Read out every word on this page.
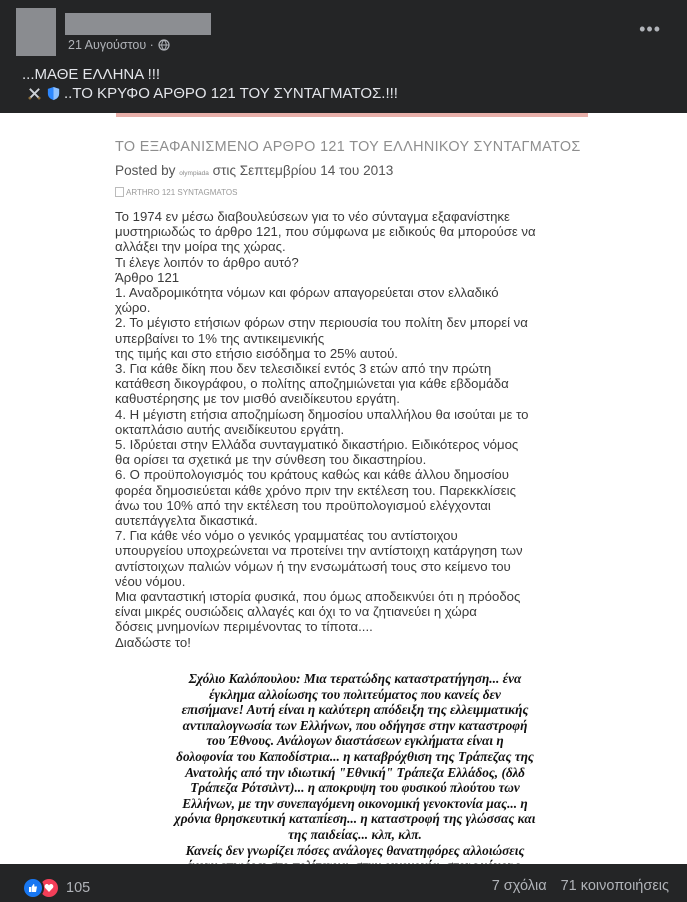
21 Αυγούστου ·
•••
...ΜΑΘΕ ΕΛΛΗΝΑ !!!
..ΤΟ ΚΡΥΦΟ ΑΡΘΡΟ 121 ΤΟΥ ΣΥΝΤΑΓΜΑΤΟΣ.!!!
ΤΟ ΕΞΑΦΑΝΙΣΜΕΝΟ ΑΡΘΡΟ 121 ΤΟΥ ΕΛΛΗΝΙΚΟΥ ΣΥΝΤΑΓΜΑΤΟΣ
Posted by olympiada στις Σεπτεμβρίου 14 του 2013
ARTHRO 121 SYNTAGMATOS
Το 1974 εν μέσω διαβουλεύσεων για το νέο σύνταγμα εξαφανίστηκε
μυστηριωδώς το άρθρο 121, που σύμφωνα με ειδικούς θα μπορούσε να
αλλάξει την μοίρα της χώρας.
Τι έλεγε λοιπόν το άρθρο αυτό?
Άρθρο 121
1. Αναδρομικότητα νόμων και φόρων απαγορεύεται στον ελλαδικό
χώρο.
2. Το μέγιστο ετήσιων φόρων στην περιουσία του πολίτη δεν μπορεί να
υπερβαίνει το 1% της αντικειμενικής
της τιμής και στο ετήσιο εισόδημα το 25% αυτού.
3. Για κάθε δίκη που δεν τελεσιδικεί εντός 3 ετών από την πρώτη
κατάθεση δικογράφου, ο πολίτης αποζημιώνεται για κάθε εβδομάδα
καθυστέρησης με τον μισθό ανειδίκευτου εργάτη.
4. Η μέγιστη ετήσια αποζημίωση δημοσίου υπαλλήλου θα ισούται με το
οκταπλάσιο αυτής ανειδίκευτου εργάτη.
5. Ιδρύεται στην Ελλάδα συνταγματικό δικαστήριο. Ειδικότερος νόμος
θα ορίσει τα σχετικά με την σύνθεση του δικαστηρίου.
6. Ο προϋπολογισμός του κράτους καθώς και κάθε άλλου δημοσίου
φορέα δημοσιεύεται κάθε χρόνο πριν την εκτέλεση του. Παρεκκλίσεις
άνω του 10% από την εκτέλεση του προϋπολογισμού ελέγχονται
αυτεπάγγελτα δικαστικά.
7. Για κάθε νέο νόμο ο γενικός γραμματέας του αντίστοιχου
υπουργείου υποχρεώνεται να προτείνει την αντίστοιχη κατάργηση των
αντίστοιχων παλιών νόμων ή την ενσωμάτωσή τους στο κείμενο του
νέου νόμου.
Μια φανταστική ιστορία φυσικά, που όμως αποδεικνύει ότι η πρόοδος
είναι μικρές ουσιώδεις αλλαγές και όχι το να ζητιανεύει η χώρα
δόσεις μνημονίων περιμένοντας το τίποτα....
Διαδώστε το!
Σχόλιο Καλόπουλου: Μια τερατώδης καταστρατήγηση... ένα
έγκλημα αλλοίωσης του πολιτεύματος που κανείς δεν
επισήμανε! Αυτή είναι η καλύτερη απόδειξη της ελλειμματικής
αντιπαλογνωσία των Ελλήνων, που οδήγησε στην καταστροφή
του Έθνους. Ανάλογων διαστάσεων εγκλήματα είναι η
δολοφονία του Καποδίστρια... η καταβρόχθιση της Τράπεζας της
Ανατολής από την ιδιωτική "Εθνική" Τράπεζα Ελλάδος, (δλδ
Τράπεζα Ρότσιλντ)... η αποκρυψη του φυσικού πλούτου των
Ελλήνων, με την συνεπαγόμενη οικονομική γενοκτονία μας... η
χρόνια θρησκευτική καταπίεση... η καταστροφή της γλώσσας και
της παιδείας... κλπ, κλπ.
Κανείς δεν γνωρίζει πόσες ανάλογες θανατηφόρες αλλοιώσεις
105	7 σχόλια 71 κοινοποιήσεις
